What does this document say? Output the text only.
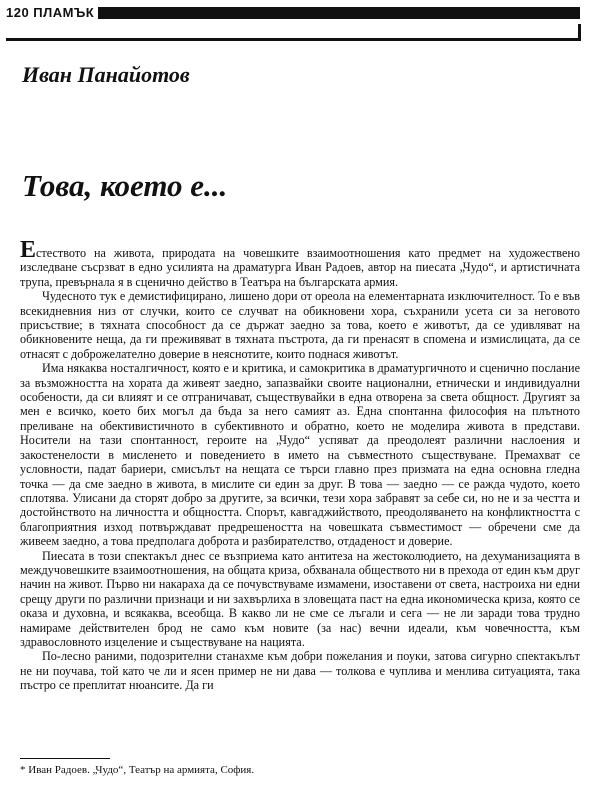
120 ПЛАМЪК
Иван Панайотов
Това, което е...

Естеството на живота, природата на човешките взаимоотношения като предмет на художествено изследване съсрзват в едно усилията на драматурга Иван Радоев, автор на пиесата „Чудо“, и артистичната трупа, превърнала я в сценично действо в Театъра на българската армия.

Чудесното тук е демистифицирано, лишено дори от ореола на елементарната изключителност. То е във всекидневния низ от случки, които се случват на обикновени хора, съхранили усета си за неговото присъствие; в тяхната способност да се държат заедно за това, което е животът, да се удивляват на обикновените неща, да ги преживяват в тяхната пъстрота, да ги пренасят в спомена и измислицата, да се отнасят с доброжелателно доверие в неяснотите, които поднася животът.

Има някаква носталгичност, която е и критика, и самокритика в драматургичното и сценично послание за възможността на хората да живеят заедно, запазвайки своите национални, етнически и индивидуални особености, да си влияят и се отграничават, съществувайки в една отворена за света общност. Другият за мен е всичко, което бих могъл да бъда за него самият аз. Една спонтанна философия на плътното преливане на обективистичното в субективното и обратно, което не моделира живота в представи. Носители на тази спонтанност, героите на „Чудо“ успяват да преодолеят различни наслоения и закостенелости в мисленето и поведението в името на съвместното съществуване. Премахват се условности, падат бариери, смисълът на нещата се търси главно през призмата на една основна гледна точка — да сме заедно в живота, в мислите си един за друг. В това — заедно — се ражда чудото, което сплотява. Улисани да сторят добро за другите, за всички, тези хора забравят за себе си, но не и за честта и достойнството на личността и общността. Спорът, кавгаджийството, преодоляването на конфликтността с благоприятния изход потвърждават предрешеността на човешката съвместимост — обречени сме да живеем заедно, а това предполага доброта и разбирателство, отдаденост и доверие.

Пиесата в този спектакъл днес се възприема като антитеза на жестоколюдието, на дехуманизацията в междучовешките взаимоотношения, на общата криза, обхванала обществото ни в прехода от един към друг начин на живот. Първо ни накараха да се почувствуваме измамени, изоставени от света, настроиха ни едни срещу други по различни признаци и ни захвърлиха в зловещата паст на една икономическа криза, която се оказа и духовна, и всякаква, всеобща. В какво ли не сме се лъгали и сега — не ли заради това трудно намираме действителен брод не само към новите (за нас) вечни идеали, към човечността, към здравословното изцеление и съществуване на нацията.

По-лесно раними, подозрителни станахме към добри пожелания и поуки, затова сигурно спектакълът не ни поучава, той като че ли и ясен пример не ни дава — толкова е чуплива и менлива ситуацията, така пъстро се преплитат нюансите. Да ги

* Иван Радоев. „Чудо“, Театър на армията, София.
